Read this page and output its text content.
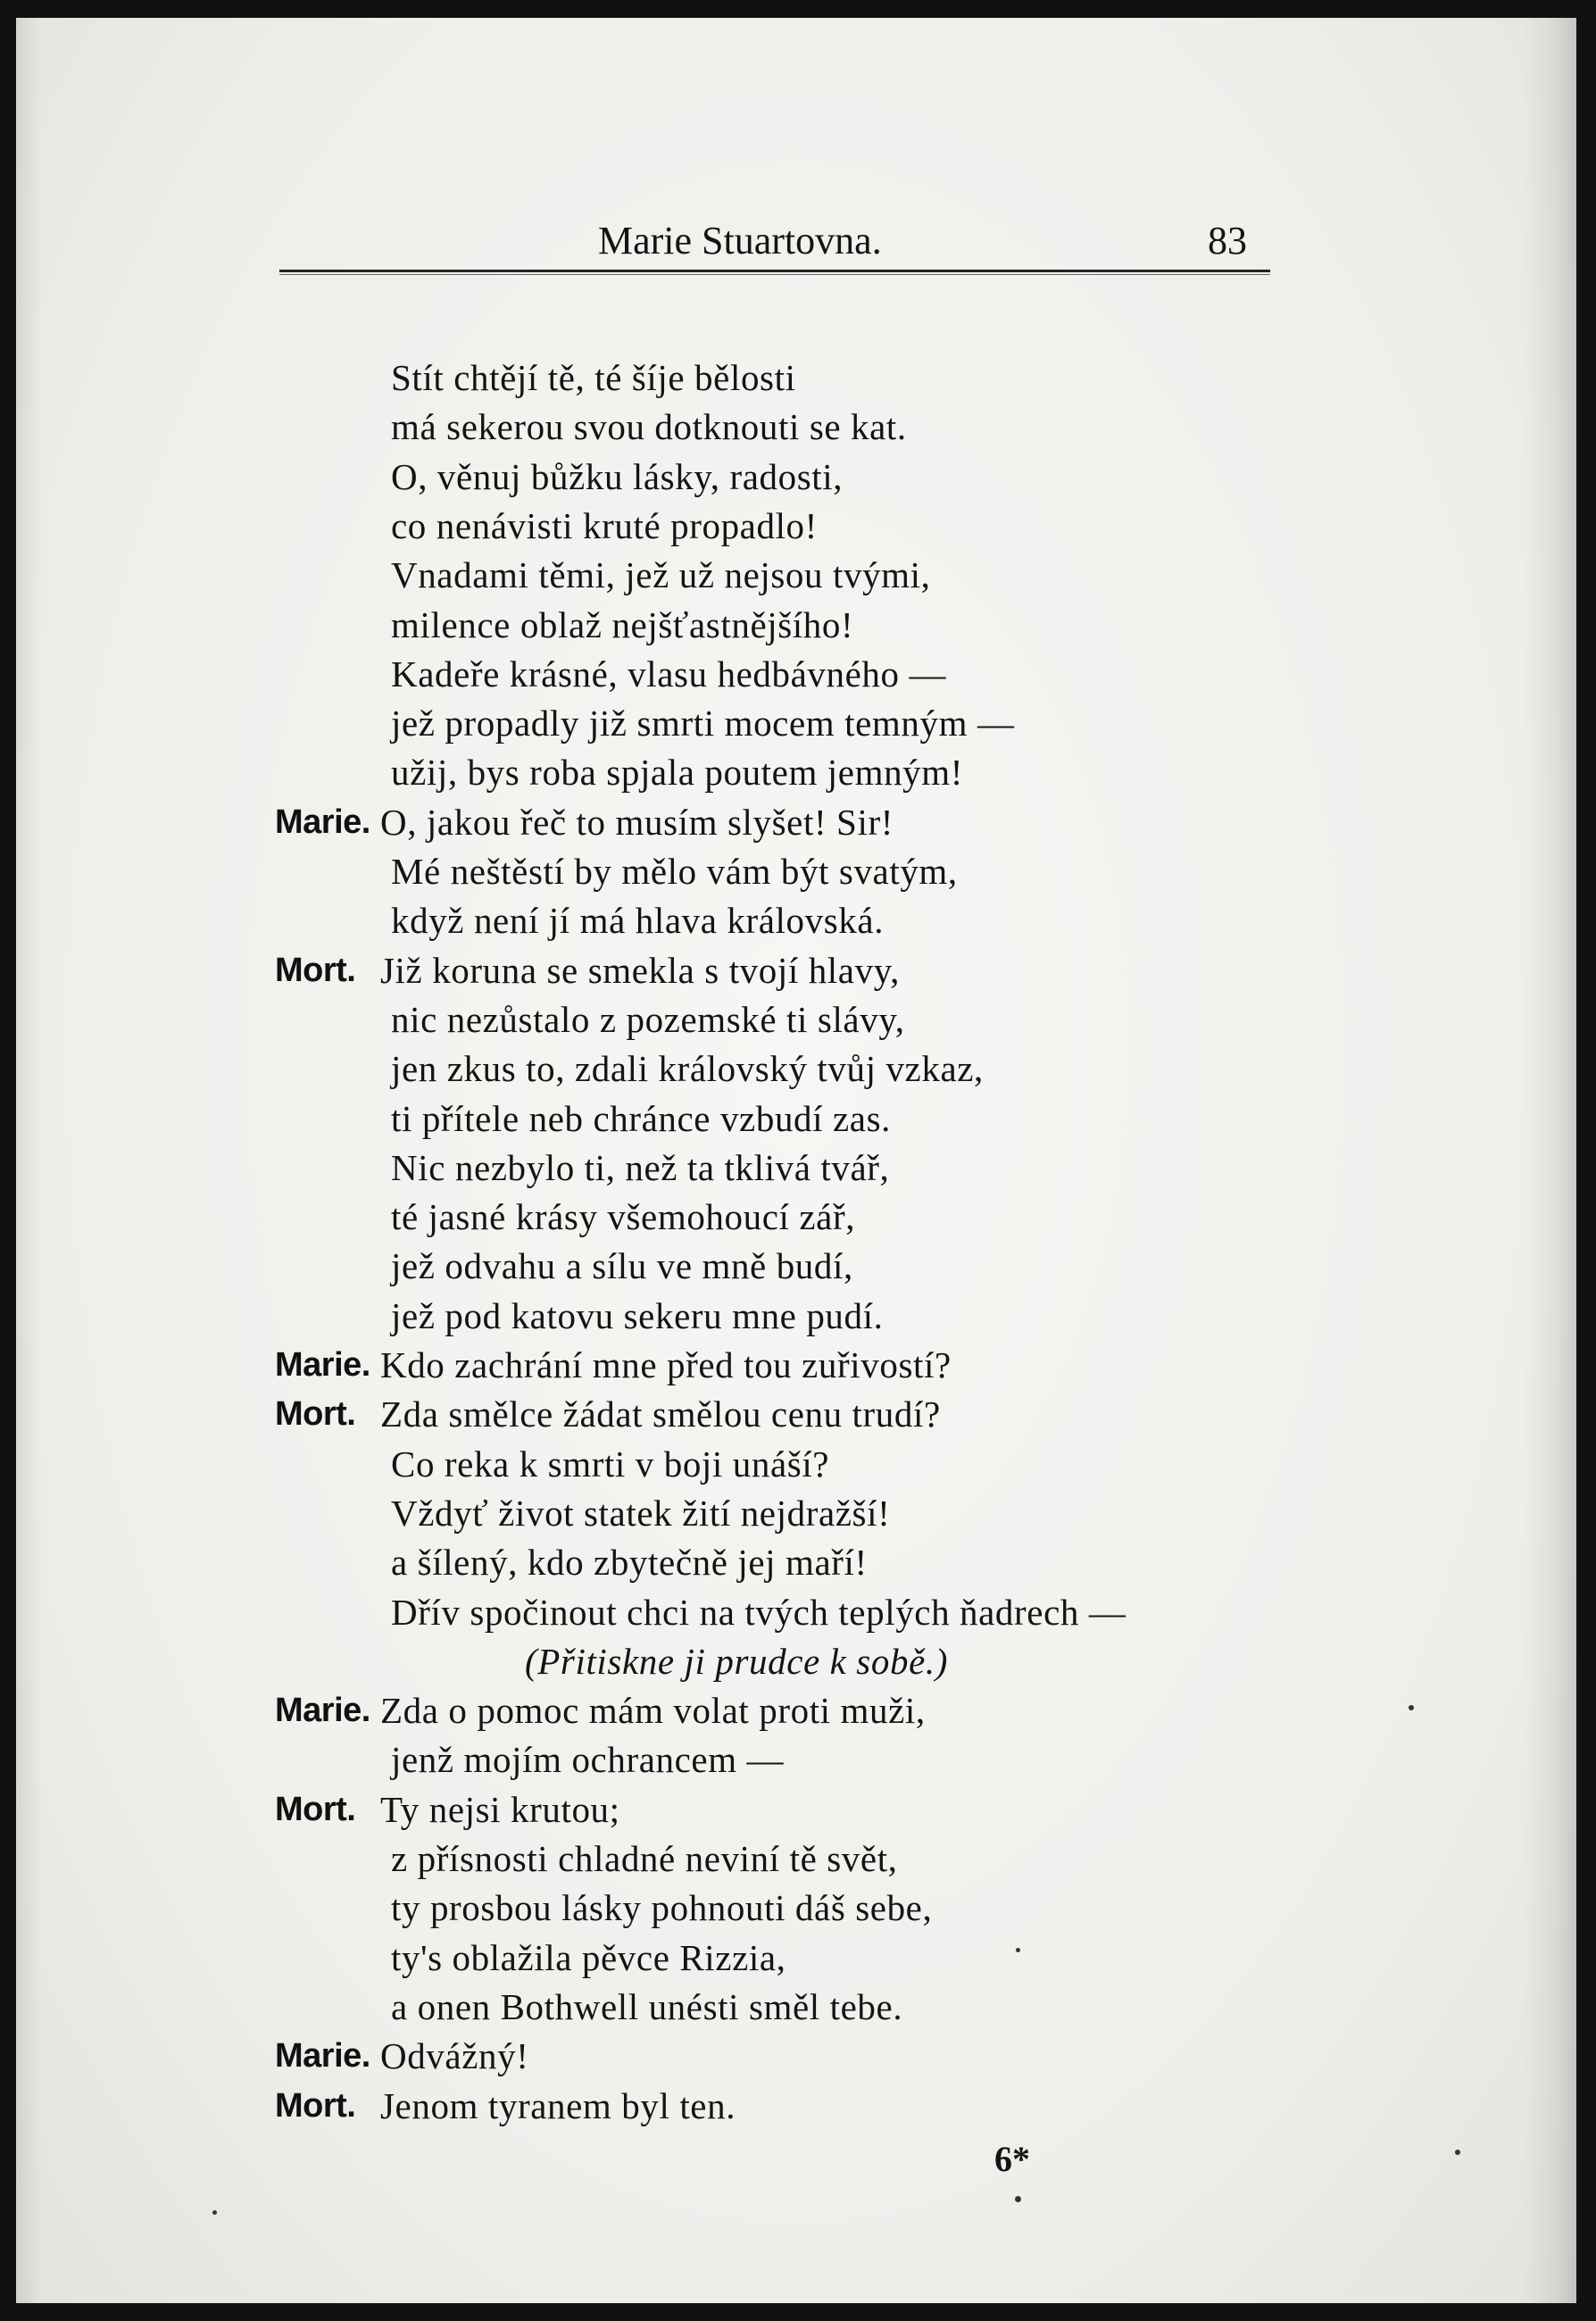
Marie Stuartovna.	83
Stít chtějí tě, té šíje bělosti
má sekerou svou dotknouti se kat.
O, věnuj bůžku lásky, radosti,
co nenávisti kruté propadlo!
Vnadami těmi, jež už nejsou tvými,
milence oblaž nejšťastnějšího!
Kadeře krásné, vlasu hedbávného —
jež propadly již smrti mocem temným —
užij, bys roba spjala poutem jemným!
Marie. O, jakou řeč to musím slyšet! Sir!
Mé neštěstí by mělo vám být svatým,
když není jí má hlava královská.
Mort. Již koruna se smekla s tvojí hlavy,
nic nezůstalo z pozemské ti slávy,
jen zkus to, zdali královský tvůj vzkaz,
ti přítele neb chránce vzbudí zas.
Nic nezbylo ti, než ta tklivá tvář,
té jasné krásy všemohoucí zář,
jež odvahu a sílu ve mně budí,
jež pod katovu sekeru mne pudí.
Marie. Kdo zachrání mne před tou zuřivostí?
Mort. Zda smělce žádat smělou cenu trudí?
Co reka k smrti v boji unáší?
Vždyť život statek žití nejdražší!
a šílený, kdo zbytečně jej maří!
Dřív spočinout chci na tvých teplých ňadrech —
(Přitiskne ji prudce k sobě.)
Marie. Zda o pomoc mám volat proti muži,
jenž mojím ochrancem —
Mort. Ty nejsi krutou;
z přísnosti chladné neviní tě svět,
ty prosbou lásky pohnouti dáš sebe,
ty's oblažila pěvce Rizzia,
a onen Bothwell unésti směl tebe.
Marie. Odvážný!
Mort. Jenom tyranem byl ten.
6*
